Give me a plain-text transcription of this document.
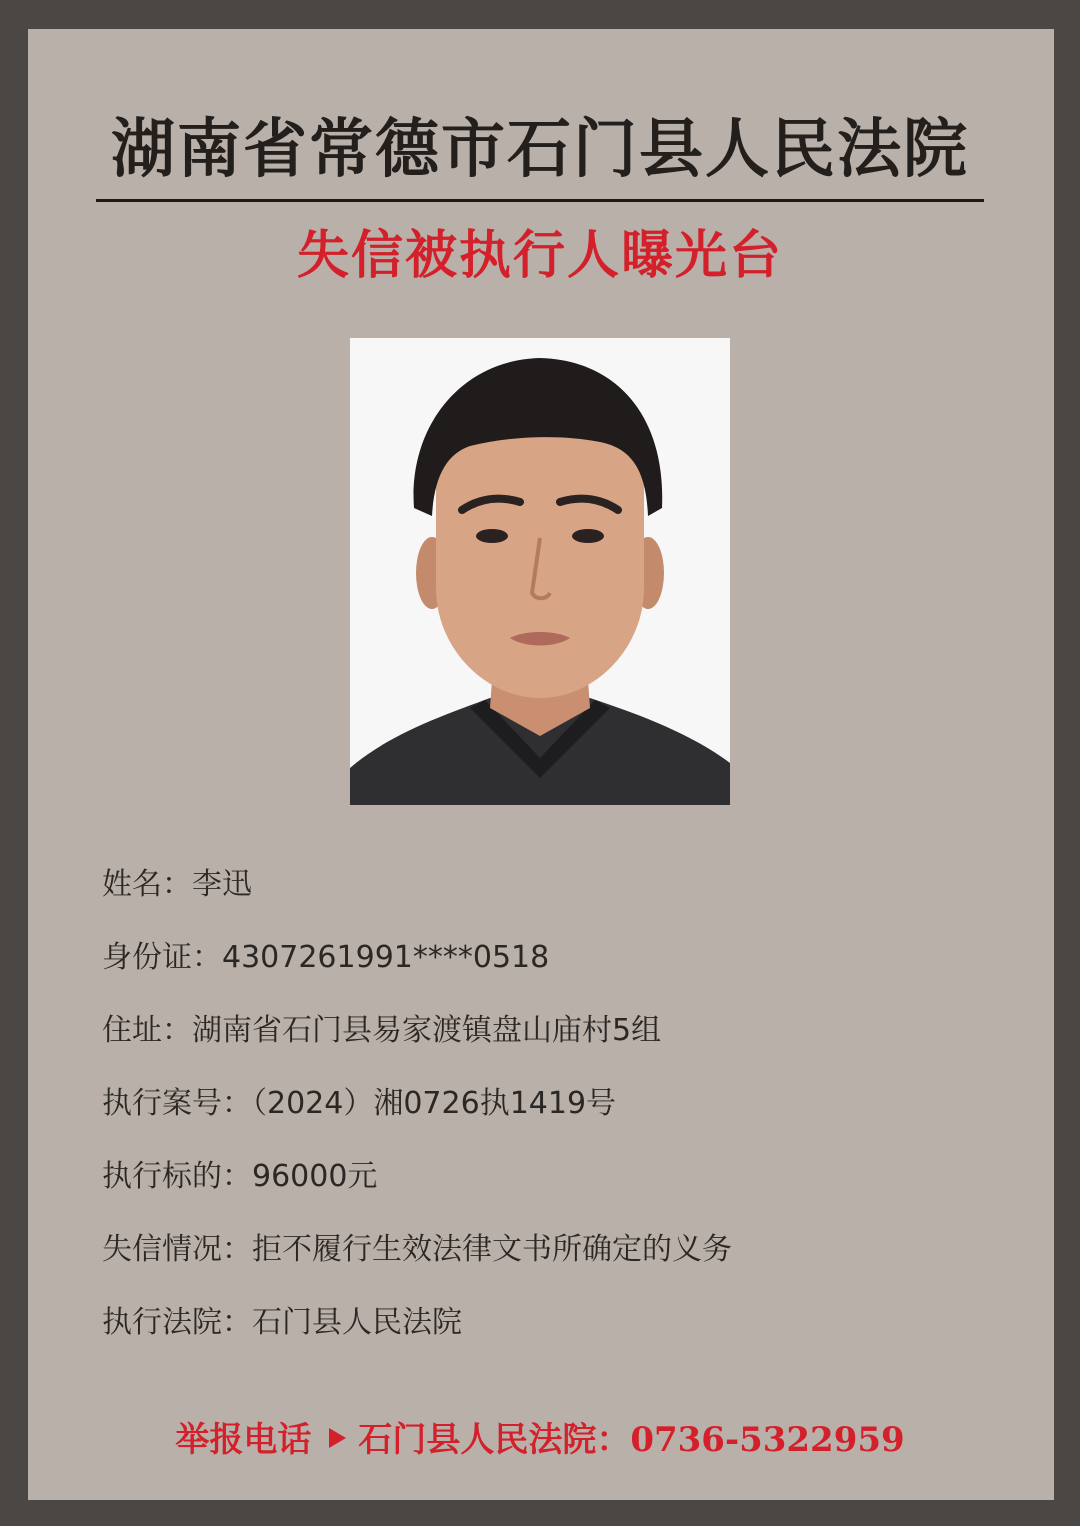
湖南省常德市石门县人民法院
失信被执行人曝光台
姓名：李迅
身份证：4307261991****0518
住址：湖南省石门县易家渡镇盘山庙村5组
执行案号：（2024）湘0726执1419号
执行标的：96000元
失信情况：拒不履行生效法律文书所确定的义务
执行法院：石门县人民法院
举报电话 石门县人民法院：0736-5322959
